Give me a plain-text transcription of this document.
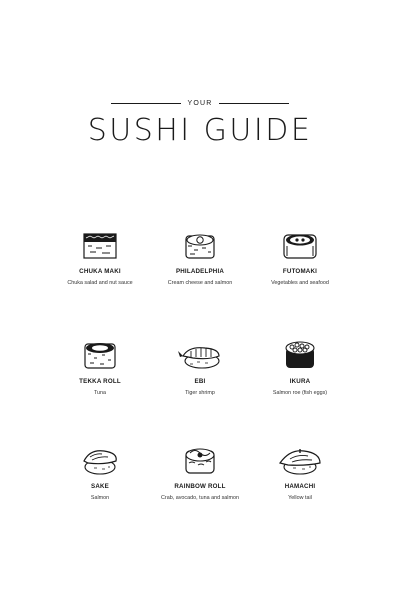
YOUR
SUSHI GUIDE
CHUKA MAKI
Chuka salad and nut sauce
PHILADELPHIA
Cream cheese and salmon
FUTOMAKI
Vegetables and seafood
TEKKA ROLL
Tuna
EBI
Tiger shrimp
IKURA
Salmon roe (fish eggs)
SAKE
Salmon
RAINBOW ROLL
Crab, avocado, tuna and salmon
HAMACHI
Yellow tail
